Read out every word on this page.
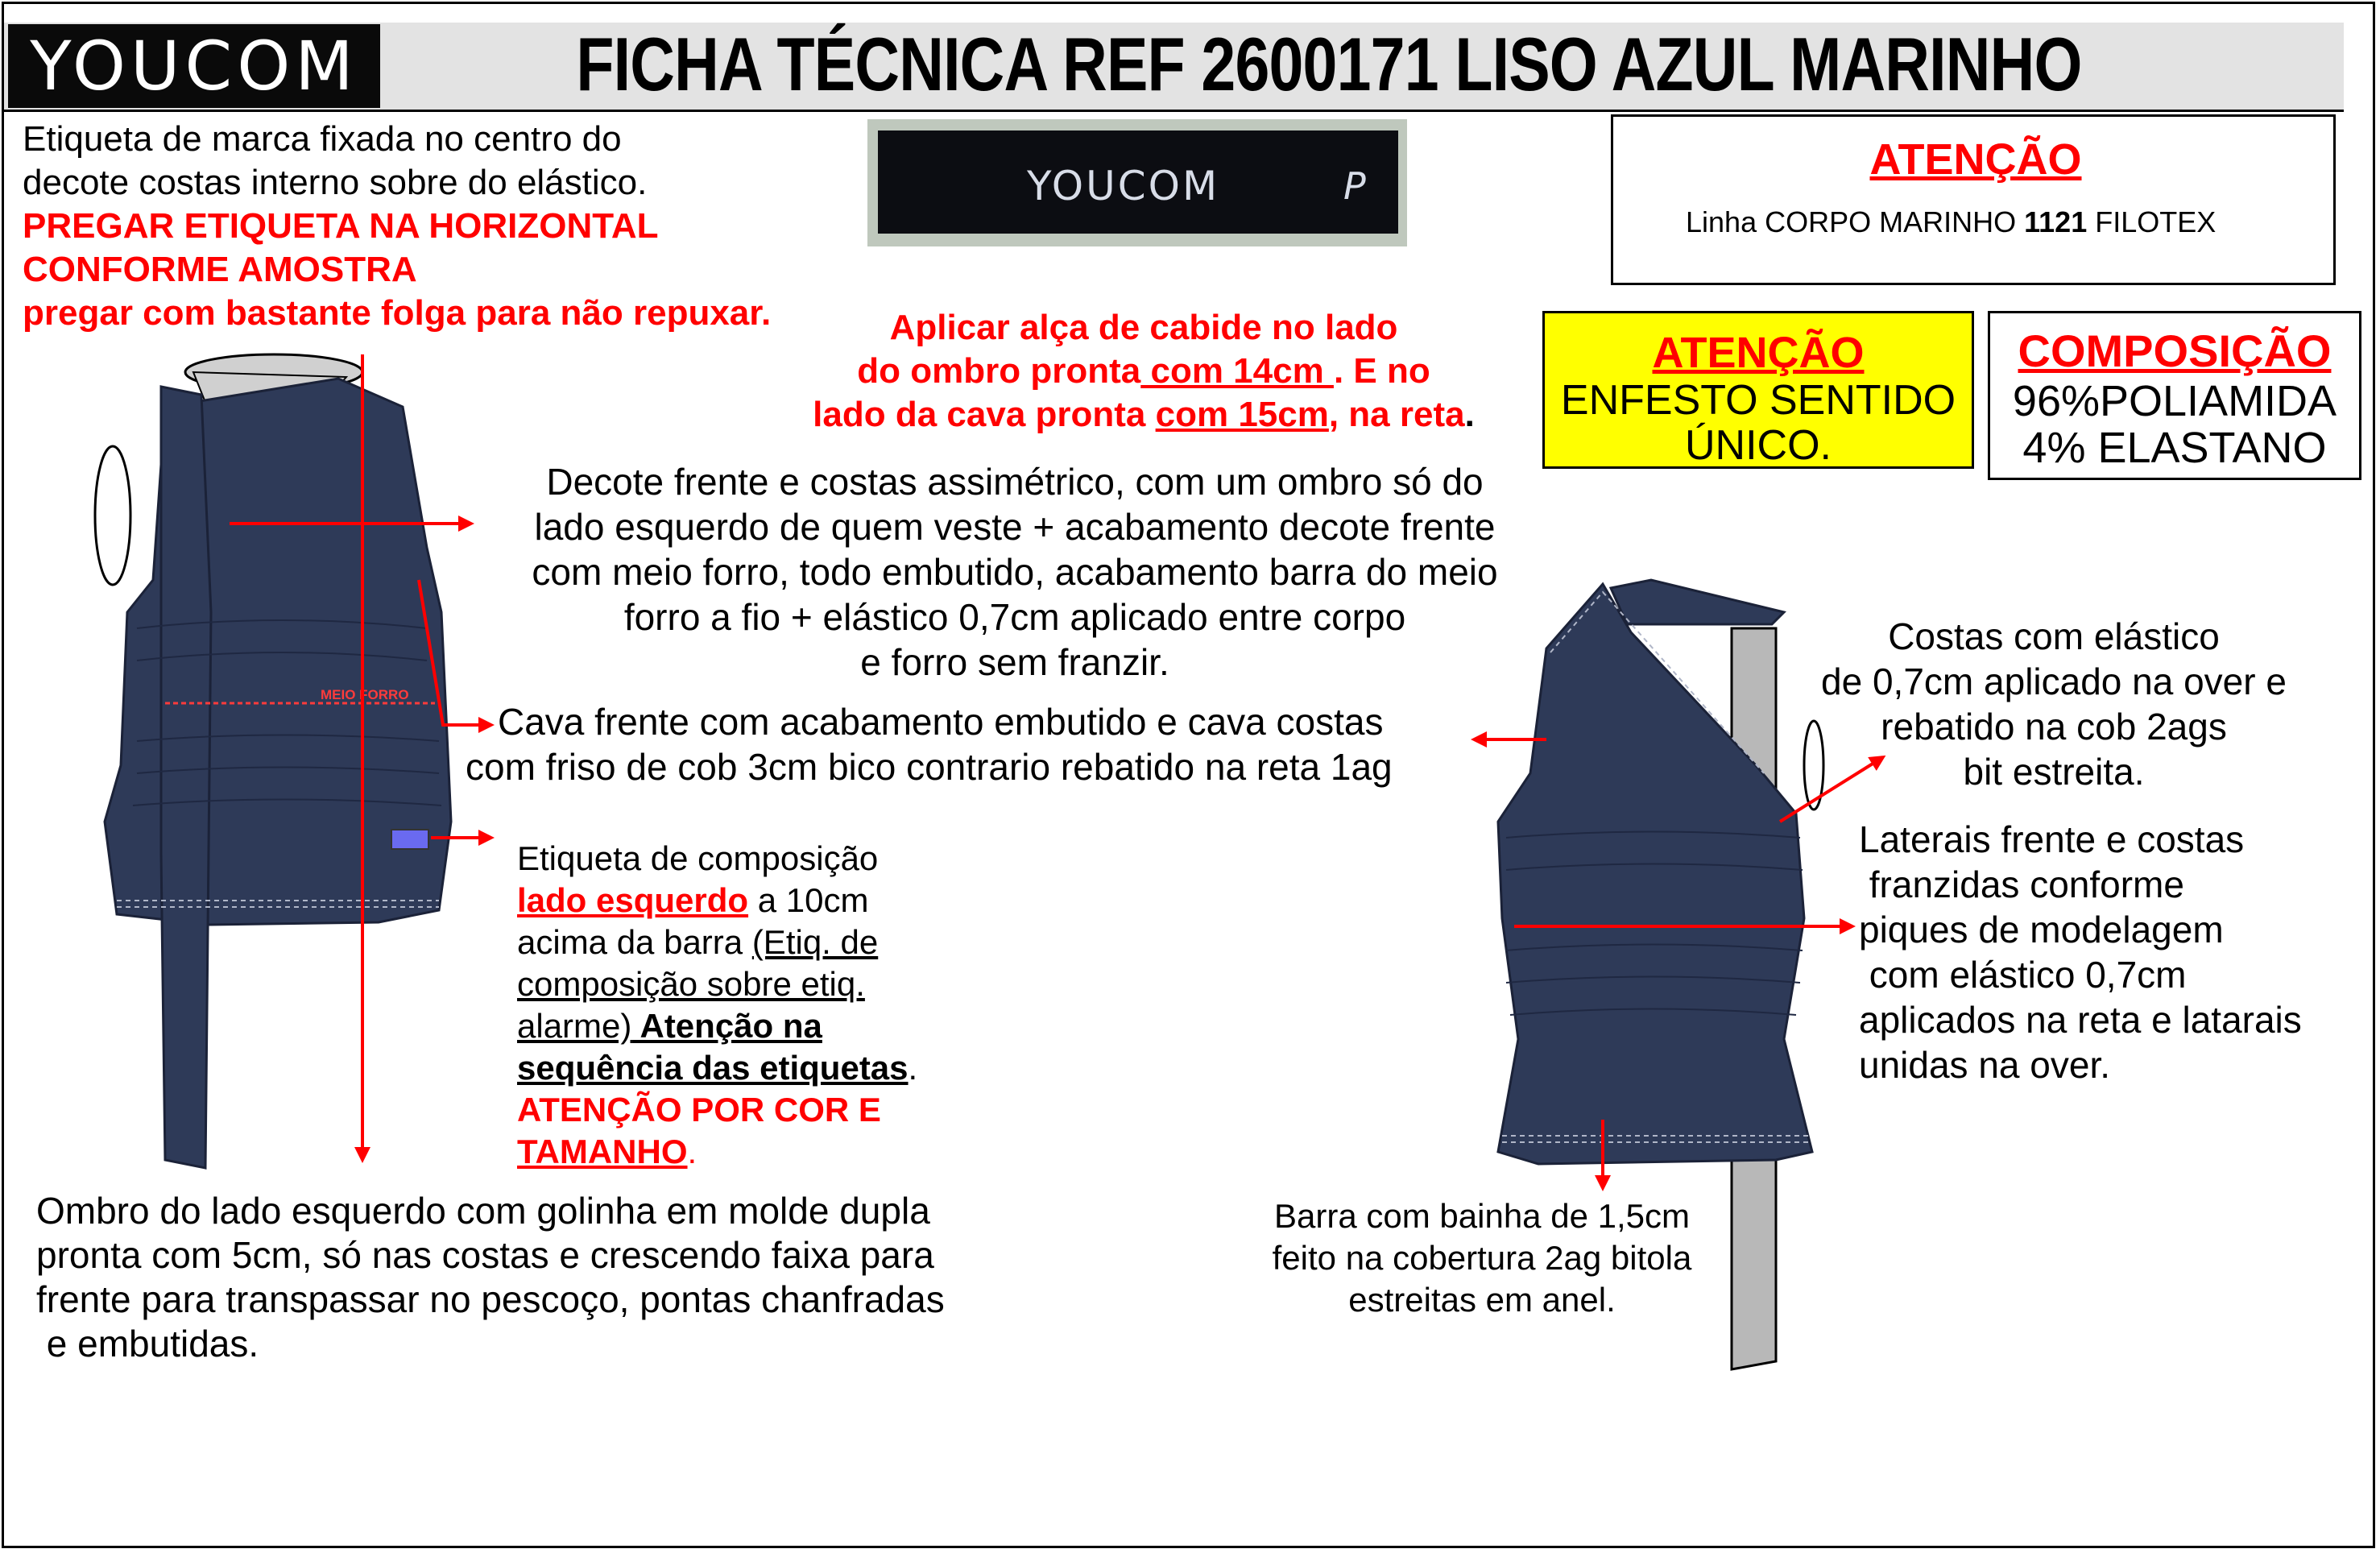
YOUCOM	FICHA TÉCNICA REF 2600171 LISO AZUL MARINHO
Etiqueta de marca fixada no centro do
decote costas interno sobre do elástico.
PREGAR ETIQUETA NA HORIZONTAL
CONFORME AMOSTRA
pregar com bastante folga para não repuxar.
YOUCOM	P
Aplicar alça de cabide no lado
do ombro pronta com 14cm . E no
lado da cava pronta com 15cm, na reta.
ATENÇÃO
Linha CORPO MARINHO 1121 FILOTEX
ATENÇÃO
ENFESTO SENTIDO
ÚNICO.
COMPOSIÇÃO
96%POLIAMIDA
4% ELASTANO
Decote frente e costas assimétrico, com um ombro só do
lado esquerdo de quem veste + acabamento decote frente
com meio forro, todo embutido, acabamento barra do meio
forro a fio + elástico 0,7cm aplicado entre corpo
e forro sem franzir.
Cava frente com acabamento embutido e cava costas
com friso de cob 3cm bico contrario rebatido na reta 1ag
Etiqueta de composição
lado esquerdo a 10cm
acima da barra (Etiq. de
composição sobre etiq.
alarme) Atenção na
sequência das etiquetas.
ATENÇÃO POR COR E
TAMANHO.
Ombro do lado esquerdo com golinha em molde dupla
pronta com 5cm, só nas costas e crescendo faixa para
frente para transpassar no pescoço, pontas chanfradas
e embutidas.
Costas com elástico
de 0,7cm aplicado na over e
rebatido na cob 2ags
bit estreita.
Laterais frente e costas
franzidas conforme
piques de modelagem
com elástico 0,7cm
aplicados na reta e latarais
unidas na over.
Barra com bainha de 1,5cm
feito na cobertura 2ag bitola
estreitas em anel.
MEIO FORRO
